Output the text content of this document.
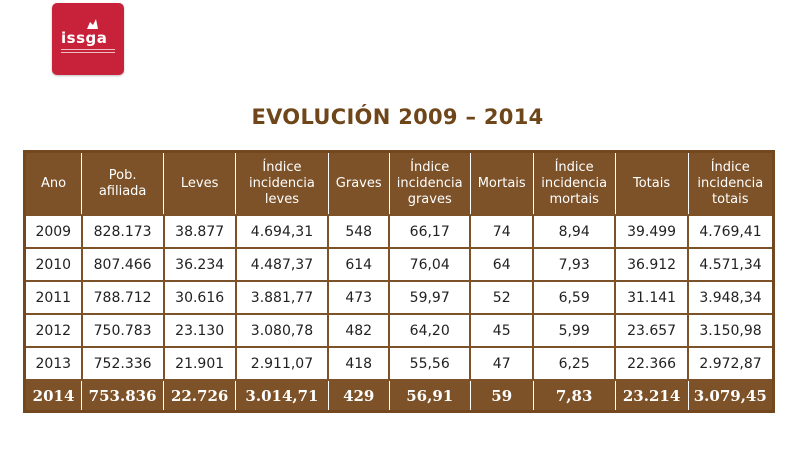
issga
EVOLUCIÓN 2009 – 2014
Ano	Pob. afiliada	Leves	Índice incidencia leves	Graves	Índice incidencia graves	Mortais	Índice incidencia mortais	Totais	Índice incidencia totais
2009	828.173	38.877	4.694,31	548	66,17	74	8,94	39.499	4.769,41
2010	807.466	36.234	4.487,37	614	76,04	64	7,93	36.912	4.571,34
2011	788.712	30.616	3.881,77	473	59,97	52	6,59	31.141	3.948,34
2012	750.783	23.130	3.080,78	482	64,20	45	5,99	23.657	3.150,98
2013	752.336	21.901	2.911,07	418	55,56	47	6,25	22.366	2.972,87
2014	753.836	22.726	3.014,71	429	56,91	59	7,83	23.214	3.079,45
